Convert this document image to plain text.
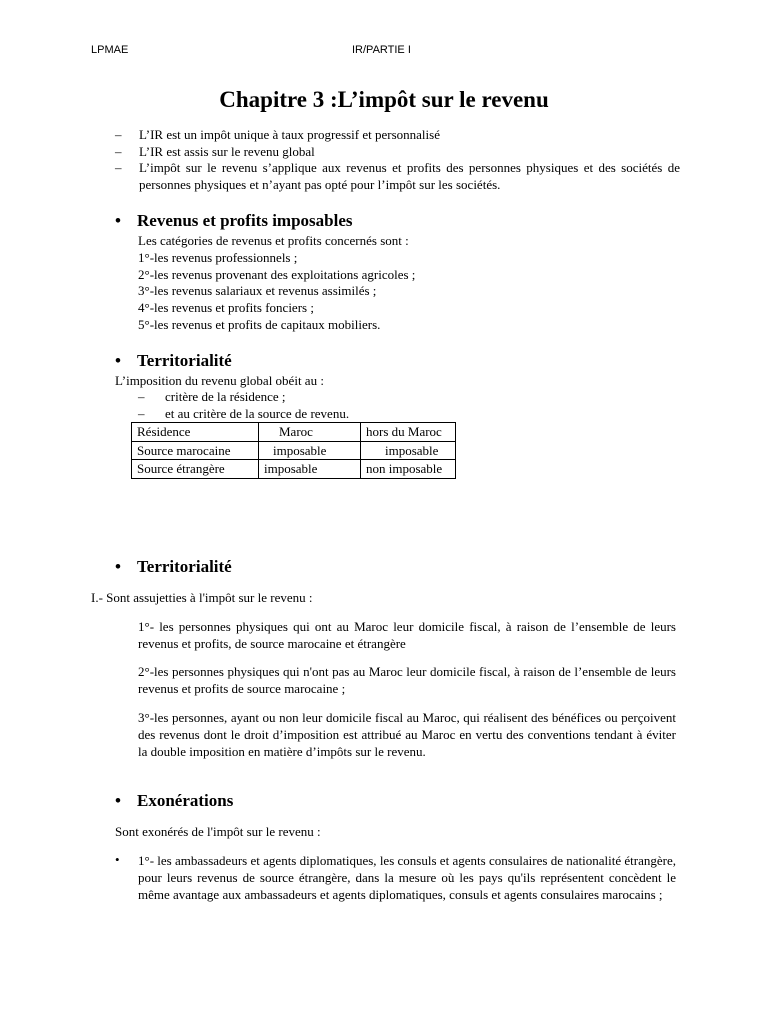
LPMAE	IR/PARTIE I
Chapitre 3 :L’impôt sur le revenu
– L’IR est un impôt unique à taux progressif et personnalisé
– L’IR est assis sur le revenu global
– L’impôt sur le revenu s’applique aux revenus et profits des personnes physiques et des sociétés de personnes physiques et n’ayant pas opté pour l’impôt sur les sociétés.
• Revenus et profits imposables
Les catégories de revenus et profits concernés sont :
1°-les revenus professionnels ;
2°-les revenus provenant des exploitations agricoles ;
3°-les revenus salariaux et revenus assimilés ;
4°-les revenus et profits fonciers ;
5°-les revenus et profits de capitaux mobiliers.
• Territorialité
L’imposition du revenu global obéit au :
– critère de la résidence ;
– et au critère de la source de revenu.
Résidence	Maroc	hors du Maroc
Source marocaine	imposable	imposable
Source étrangère	imposable	non imposable
• Territorialité
I.- Sont assujetties à l'impôt sur le revenu :
1°- les personnes physiques qui ont au Maroc leur domicile fiscal, à raison de l’ensemble de leurs revenus et profits, de source marocaine et étrangère
2°-les personnes physiques qui n'ont pas au Maroc leur domicile fiscal, à raison de l’ensemble de leurs revenus et profits de source marocaine ;
3°-les personnes, ayant ou non leur domicile fiscal au Maroc, qui réalisent des bénéfices ou perçoivent des revenus dont le droit d’imposition est attribué au Maroc en vertu des conventions tendant à éviter la double imposition en matière d’impôts sur le revenu.
• Exonérations
Sont exonérés de l'impôt sur le revenu :
• 1°- les ambassadeurs et agents diplomatiques, les consuls et agents consulaires de nationalité étrangère, pour leurs revenus de source étrangère, dans la mesure où les pays qu'ils représentent concèdent le même avantage aux ambassadeurs et agents diplomatiques, consuls et agents consulaires marocains ;
